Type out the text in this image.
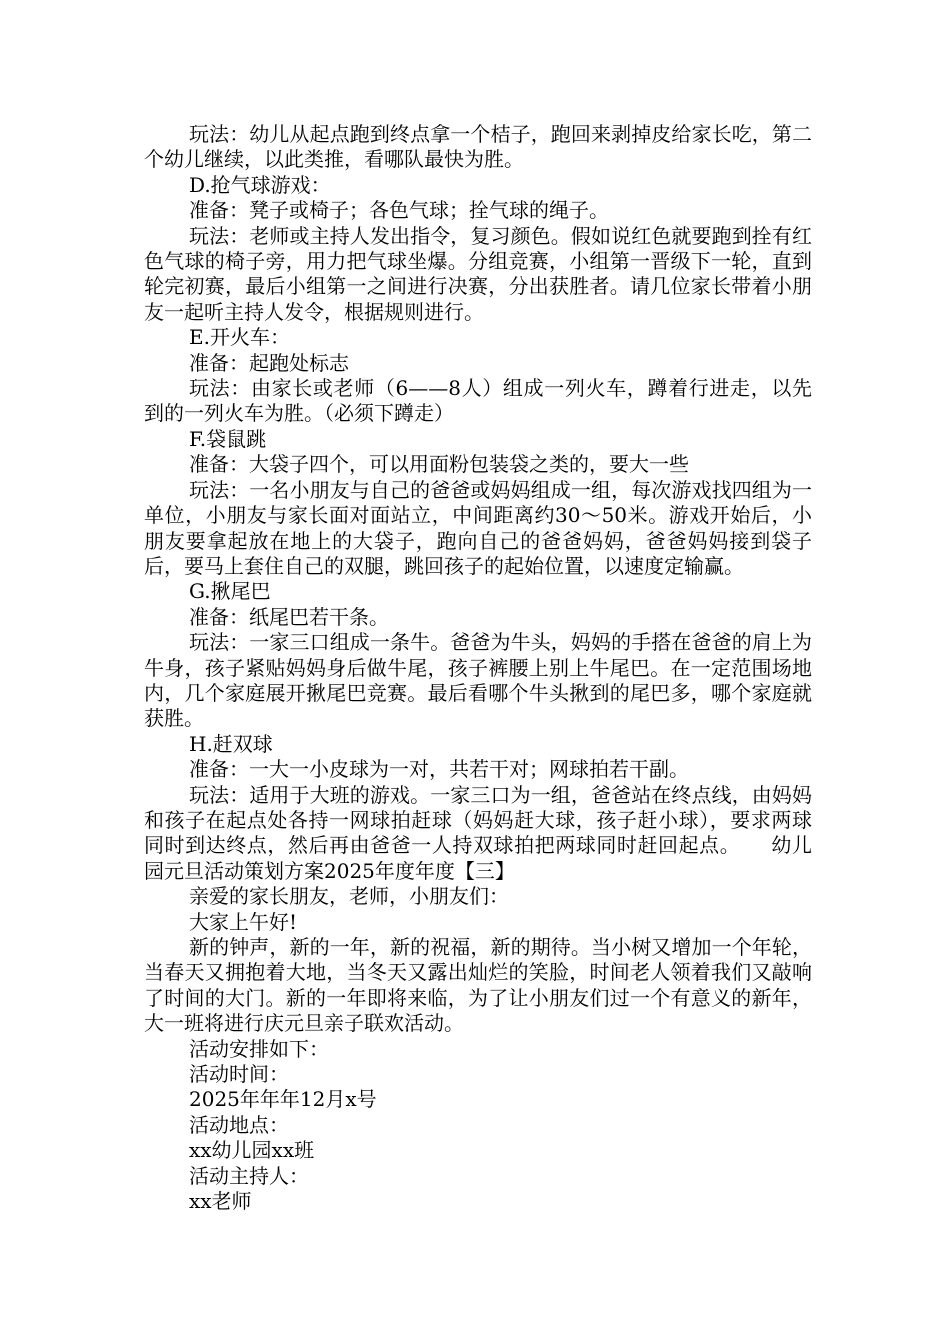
玩法：幼儿从起点跑到终点拿一个桔子，跑回来剥掉皮给家长吃，第二个幼儿继续，以此类推，看哪队最快为胜。

D.抢气球游戏：

准备：凳子或椅子；各色气球；拴气球的绳子。

玩法：老师或主持人发出指令，复习颜色。假如说红色就要跑到拴有红色气球的椅子旁，用力把气球坐爆。分组竞赛，小组第一晋级下一轮，直到轮完初赛，最后小组第一之间进行决赛，分出获胜者。请几位家长带着小朋友一起听主持人发令，根据规则进行。

E.开火车：

准备：起跑处标志

玩法：由家长或老师（6——8人）组成一列火车，蹲着行进走，以先到的一列火车为胜。（必须下蹲走）

F.袋鼠跳

准备：大袋子四个，可以用面粉包装袋之类的，要大一些

玩法：一名小朋友与自己的爸爸或妈妈组成一组，每次游戏找四组为一单位，小朋友与家长面对面站立，中间距离约30～50米。游戏开始后，小朋友要拿起放在地上的大袋子，跑向自己的爸爸妈妈，爸爸妈妈接到袋子后，要马上套住自己的双腿，跳回孩子的起始位置，以速度定输赢。

G.揪尾巴

准备：纸尾巴若干条。

玩法：一家三口组成一条牛。爸爸为牛头，妈妈的手搭在爸爸的肩上为牛身，孩子紧贴妈妈身后做牛尾，孩子裤腰上别上牛尾巴。在一定范围场地内，几个家庭展开揪尾巴竞赛。最后看哪个牛头揪到的尾巴多，哪个家庭就获胜。

H.赶双球

准备：一大一小皮球为一对，共若干对；网球拍若干副。

玩法：适用于大班的游戏。一家三口为一组，爸爸站在终点线，由妈妈和孩子在起点处各持一网球拍赶球（妈妈赶大球，孩子赶小球），要求两球同时到达终点，然后再由爸爸一人持双球拍把两球同时赶回起点。　　幼儿园元旦活动策划方案2025年度年度【三】

亲爱的家长朋友，老师，小朋友们：

大家上午好!

新的钟声，新的一年，新的祝福，新的期待。当小树又增加一个年轮，当春天又拥抱着大地，当冬天又露出灿烂的笑脸，时间老人领着我们又敲响了时间的大门。新的一年即将来临，为了让小朋友们过一个有意义的新年，大一班将进行庆元旦亲子联欢活动。

活动安排如下：

活动时间：

2025年年年12月x号

活动地点：

xx幼儿园xx班

活动主持人：

xx老师
